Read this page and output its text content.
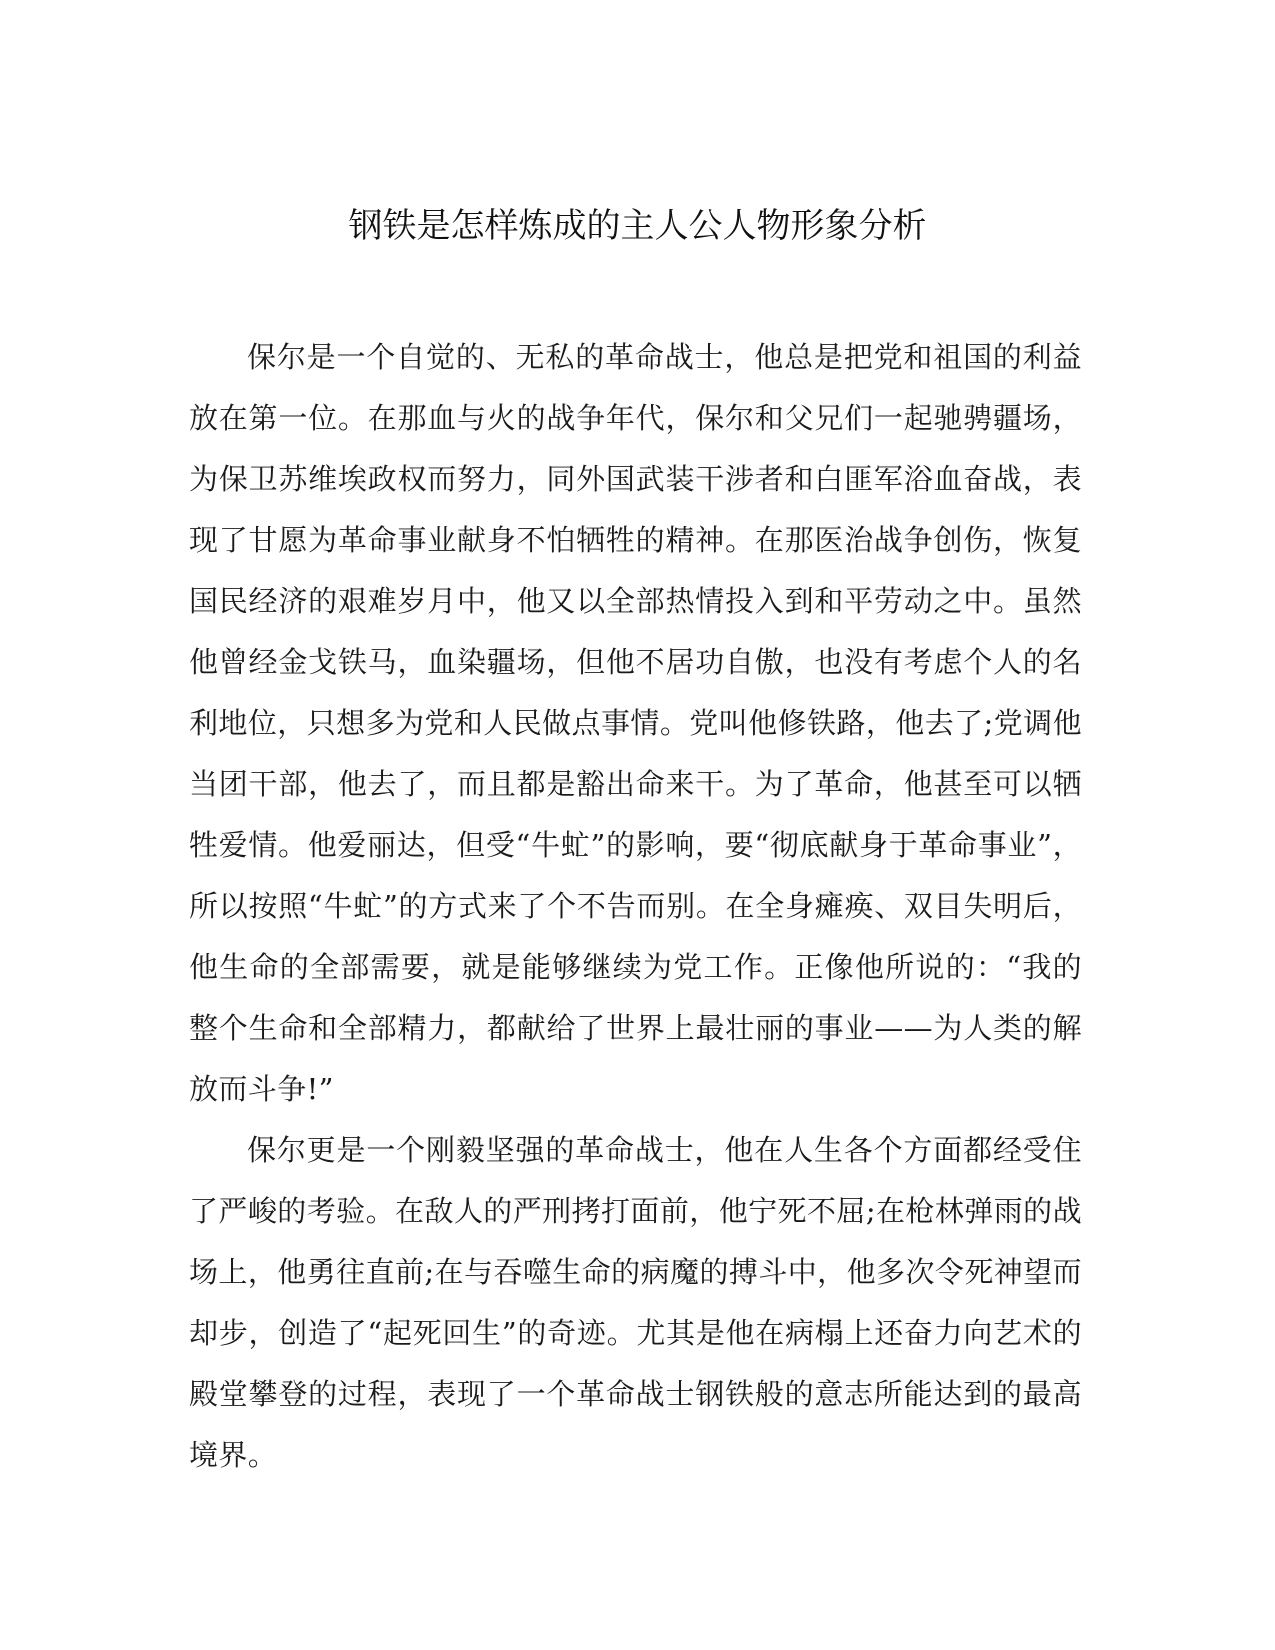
钢铁是怎样炼成的主人公人物形象分析

保尔是一个自觉的、无私的革命战士，他总是把党和祖国的利益放在第一位。在那血与火的战争年代，保尔和父兄们一起驰骋疆场，为保卫苏维埃政权而努力，同外国武装干涉者和白匪军浴血奋战，表现了甘愿为革命事业献身不怕牺牲的精神。在那医治战争创伤，恢复国民经济的艰难岁月中，他又以全部热情投入到和平劳动之中。虽然他曾经金戈铁马，血染疆场，但他不居功自傲，也没有考虑个人的名利地位，只想多为党和人民做点事情。党叫他修铁路，他去了;党调他当团干部，他去了，而且都是豁出命来干。为了革命，他甚至可以牺牲爱情。他爱丽达，但受“牛虻”的影响，要“彻底献身于革命事业”，所以按照“牛虻”的方式来了个不告而别。在全身瘫痪、双目失明后，他生命的全部需要，就是能够继续为党工作。正像他所说的：“我的整个生命和全部精力，都献给了世界上最壮丽的事业——为人类的解放而斗争!”

保尔更是一个刚毅坚强的革命战士，他在人生各个方面都经受住了严峻的考验。在敌人的严刑拷打面前，他宁死不屈;在枪林弹雨的战场上，他勇往直前;在与吞噬生命的病魔的搏斗中，他多次令死神望而却步，创造了“起死回生”的奇迹。尤其是他在病榻上还奋力向艺术的殿堂攀登的过程，表现了一个革命战士钢铁般的意志所能达到的最高境界。
